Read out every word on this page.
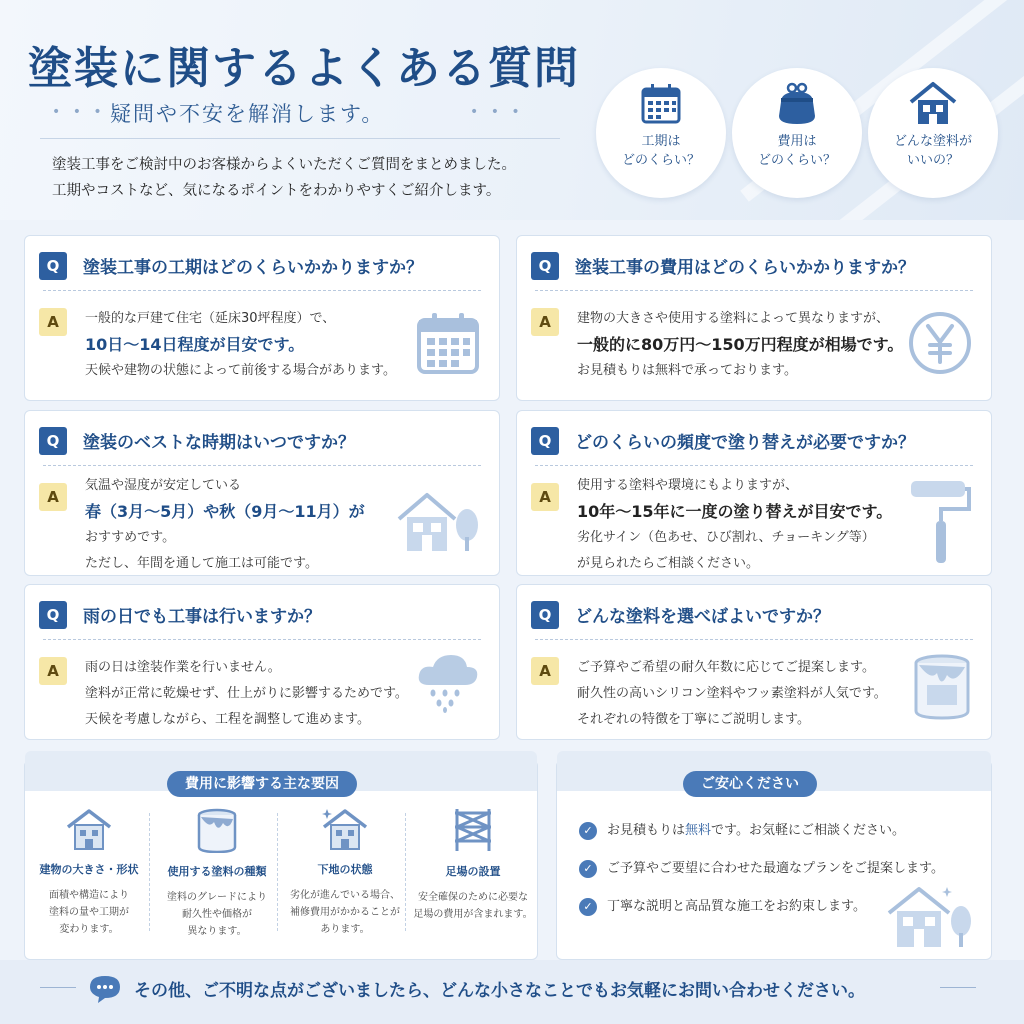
塗装に関するよくある質問
• • • 疑問や不安を解消します。	• • •
塗装工事をご検討中のお客様からよくいただくご質問をまとめました。
工期やコストなど、気になるポイントをわかりやすくご紹介します。
工期は
どのくらい？
費用は
どのくらい？
どんな塗料が
いいの？
Q	塗装工事の工期はどのくらいかかりますか？
A	一般的な戸建て住宅（延床30坪程度）で、
10日〜14日程度が目安です。
天候や建物の状態によって前後する場合があります。
Q	塗装工事の費用はどのくらいかかりますか？
A	建物の大きさや使用する塗料によって異なりますが、
一般的に80万円〜150万円程度が相場です。
お見積もりは無料で承っております。
Q	塗装のベストな時期はいつですか？
A
気温や湿度が安定している
春（3月〜5月）や秋（9月〜11月）が
おすすめです。
ただし、年間を通して施工は可能です。
Q	どのくらいの頻度で塗り替えが必要ですか？
A
使用する塗料や環境にもよりますが、
10年〜15年に一度の塗り替えが目安です。
劣化サイン（色あせ、ひび割れ、チョーキング等）
が見られたらご相談ください。
Q	雨の日でも工事は行いますか？
A	雨の日は塗装作業を行いません。
塗料が正常に乾燥せず、仕上がりに影響するためです。
天候を考慮しながら、工程を調整して進めます。
Q	どんな塗料を選べばよいですか？
A	ご予算やご希望の耐久年数に応じてご提案します。
耐久性の高いシリコン塗料やフッ素塗料が人気です。
それぞれの特徴を丁寧にご説明します。
費用に影響する主な要因
建物の大きさ・形状
面積や構造により
塗料の量や工期が
変わります。
使用する塗料の種類
塗料のグレードにより
耐久性や価格が
異なります。
下地の状態
劣化が進んでいる場合、
補修費用がかかることが
あります。
足場の設置
安全確保のために必要な
足場の費用が含まれます。
ご安心ください
✓ お見積もりは無料です。お気軽にご相談ください。
✓ ご予算やご要望に合わせた最適なプランをご提案します。
✓ 丁寧な説明と高品質な施工をお約束します。
その他、ご不明な点がございましたら、どんな小さなことでもお気軽にお問い合わせください。
